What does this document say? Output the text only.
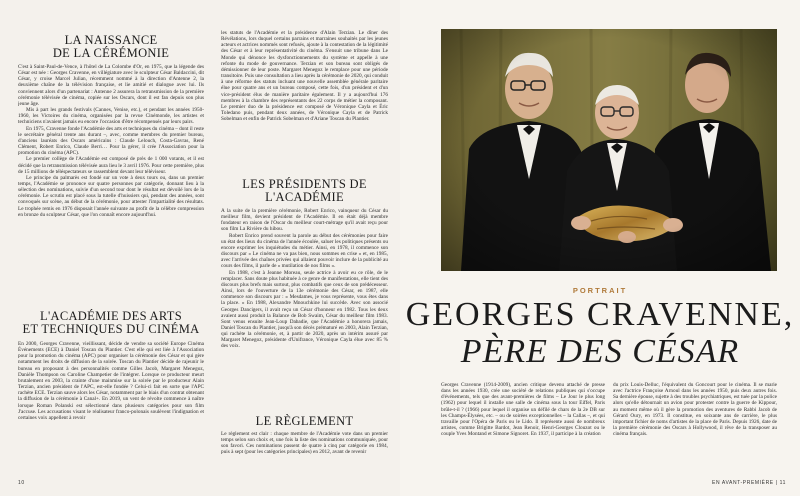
LA NAISSANCE
DE LA CÉRÉMONIE

C'est à Saint-Paul-de-Vence, à l'hôtel de La Colombe d'Or, en 1975, que la légende des César est née : Georges Cravenne, en villégiature avec le sculpteur César Baldaccini, dit César, y croise Marcel Julian, récemment nommé à la direction d'Antenne 2, la deuxième chaîne de la télévision française, et lie amitié et dialogue avec lui. Ils conviennent alors d'un partenariat : Antenne 2 assurera la retransmission de la première cérémonie télévisée de cinéma, copiée sur les Oscars, dont il est fan depuis son plus jeune âge.

Mis à part les grands festivals (Cannes, Venise, etc.), et pendant les années 1950-1960, les Victoires du cinéma, organisées par la revue Cinémonde, les artistes et techniciens n'avaient jamais eu encore l'occasion d'être récompensés par leurs pairs.

En 1975, Cravenne fonde l'Académie des arts et techniques du cinéma – dont il reste le secrétaire général trente ans durant –, avec, comme membres du premier bureau, d'anciens lauréats des Oscars américains : Claude Lelouch, Costa-Gavras, René Clément, Robert Enrico, Claude Berri… Pour la gérer, il crée l'Association pour la promotion du cinéma (APC).

Le premier collège de l'Académie est composé de près de 1 000 votants, et il est décidé que la retransmission télévisée aura lieu le 3 avril 1976. Pour cette première, plus de 15 millions de téléspectateurs se rassemblent devant leur téléviseur.

Le principe du palmarès est fondé sur un vote à deux tours ou, dans un premier temps, l'Académie se prononce sur quatre personnes par catégorie, donnant lieu à la sélection des nominations, suivie d'un second tour dont le résultat est dévoilé lors de la cérémonie. Le scrutin est placé sous la tutelle d'huissiers qui, pendant des années, sont convoqués sur scène, au début de la cérémonie, pour attester l'impartialité des résultats. Le trophée remis en 1976 disposait l'année suivante au profit de la célèbre compression en bronze du sculpteur César, que l'on connaît encore aujourd'hui.

L'ACADÉMIE DES ARTS
ET TECHNIQUES DU CINÉMA

En 2000, Georges Cravenne, vieillissant, décide de vendre sa société Europe Cinéma Événements (ECE) à Daniel Toscan du Plantier. C'est elle qui est liée à l'Association pour la promotion du cinéma (APC) pour organiser la cérémonie des César et qui gère notamment les droits de diffusion de la soirée. Toscan du Plantier décide de rajeunir le bureau en proposant à des personnalités comme Gilles Jacob, Margaret Menegoz, Danièle Thompson ou Caroline Champetier de l'intégrer. Lorsque ce producteur meurt brutalement en 2003, la crainte d'une mainmise sur la soirée par le producteur Alain Terzian, ancien président de l'APC, est-elle fondée ? Celui-ci fait en sorte que l'APC rachète ECE. Terzian sauve alors les César, notamment par le biais d'un contrat obtenant la diffusion de la cérémonie à Canal+. En 2019, un vent de révolte commence à naître lorsque Roman Polanski est sélectionné dans plusieurs catégories pour son film J'accuse. Les accusations visant le réalisateur franco-polonais soulèvent l'indignation et certaines voix appellent à revoir

les statuts de l'Académie et la présidence d'Alain Terzian. Le dîner des Révélations, lors duquel certains parrains et marraines souhaités par les jeunes acteurs et actrices nommés sont refusés, ajoute à la contestation de la légitimité des César et à leur représentativité du cinéma. S'ensuit une tribune dans Le Monde qui dénonce les dysfonctionnements du système et appelle à une refonte du mode de gouvernance. Terzian et son bureau sont obligés de démissionner de leur poste. Margaret Menegoz le remplace pour une période transitoire. Puis une consultation a lieu après la cérémonie de 2020, qui conduit à une réforme des statuts incluant une nouvelle assemblée générale paritaire élue pour quatre ans et un bureau composé, cette fois, d'un président et d'un vice-président élus de manière paritaire également. Il y a aujourd'hui 176 membres à la chambre des représentants des 22 corps de métier la composant. Le premier duo de la présidence est composé de Véronique Cayla et Éric Toledano puis, pendant deux années, de Véronique Cayla et de Patrick Sobelman et enfin de Patrick Sobelman et d'Ariane Toscan du Plantier.

LES PRÉSIDENTS DE
L'ACADÉMIE

À la suite de la première cérémonie, Robert Enrico, vainqueur du César du meilleur film, devient président de l'Académie. Il en était déjà membre fondateur en raison de l'Oscar du meilleur court-métrage qu'il avait reçu pour son film La Rivière du hibou.

Robert Enrico prend souvent la parole au début des cérémonies pour faire un état des lieux du cinéma de l'année écoulée, saluer les politiques présents ou encore exprimer les inquiétudes du métier. Ainsi, en 1978, il commence son discours par « Le cinéma ne va pas bien, nous sommes en crise » et, en 1985, avec l'arrivée des chaînes privées qui allaient pouvoir inclure de la publicité au cours des films, il parle de « mutilation de nos films ».

En 1988, c'est à Jeanne Moreau, seule actrice à avoir eu ce rôle, de le remplacer. Sans doute plus habituée à ce genre de manifestations, elle tient des discours plus brefs mais surtout, plus combatifs que ceux de son prédécesseur. Ainsi, lors de l'ouverture de la 13e cérémonie des César, en 1987, elle commence son discours par : « Mesdames, je vous représente, vous êtes dans la place. » En 1988, Alexandre Mnouchkine lui succède. Avec son associé Georges Dancigers, il avait reçu un César d'honneur en 1982. Tous les deux avaient aussi produit la Balance de Bob Swaim, César du meilleur film 1983. Sont venus ensuite Jean-Loup Dabadie, que l'Académie a honorera jamais, Daniel Toscan du Plantier, jusqu'à son décès prématuré en 2003, Alain Terzian, qui rachète la cérémonie, et, à partir de 2020, après un intérim assuré par Margaret Menegoz, présidente d'Unifrance, Véronique Cayla élue avec 85 % des voix.

LE RÈGLEMENT

Le règlement est clair : chaque membre de l'Académie vote dans un premier temps selon son choix et, une fois la liste des nominations communiquée, pour son favori. Ces nominations passent de quatre à cinq par catégorie en 1984, puis à sept (pour les catégories principales) en 2012, avant de revenir

10
PORTRAIT
GEORGES CRAVENNE,
PÈRE DES CÉSAR

Georges Cravenne (1914-2009), ancien critique devenu attaché de presse dans les années 1930, crée une société de relations publiques qui s'occupe d'événements, tels que des avant-premières de films – Le Jour le plus long (1962) pour lequel il installe une salle de cinéma sous la tour Eiffel, Paris brûle-t-il ? (1966) pour lequel il organise un défilé de chars de la 2e DB sur les Champs-Élysées, etc. – ou de soirées exceptionnelles – la Callas –, et qui travaille pour l'Opéra de Paris ou le Lido. Il représente aussi de nombreux artistes, comme Brigitte Bardot, Jean Renoir, Henri-Georges Clouzot ou le couple Yves Montand et Simone Signoret. En 1937, il participe à la création

du prix Louis-Delluc, l'équivalent du Goncourt pour le cinéma. Il se marie avec l'actrice Françoise Arnoul dans les années 1950, puis deux autres fois. Sa dernière épouse, sujette à des troubles psychiatriques, est tuée par la police alors qu'elle détournait un avion pour protester contre la guerre de Kippour, au moment même où il gère la promotion des aventures de Rabbi Jacob de Gérard Oury, en 1973. Il constitue, en soixante ans de carrière, le plus important fichier de noms d'artistes de la place de Paris. Depuis 1926, date de la première cérémonie des Oscars à Hollywood, il rêve de la transposer au cinéma français.

EN AVANT-PREMIÈRE | 11
